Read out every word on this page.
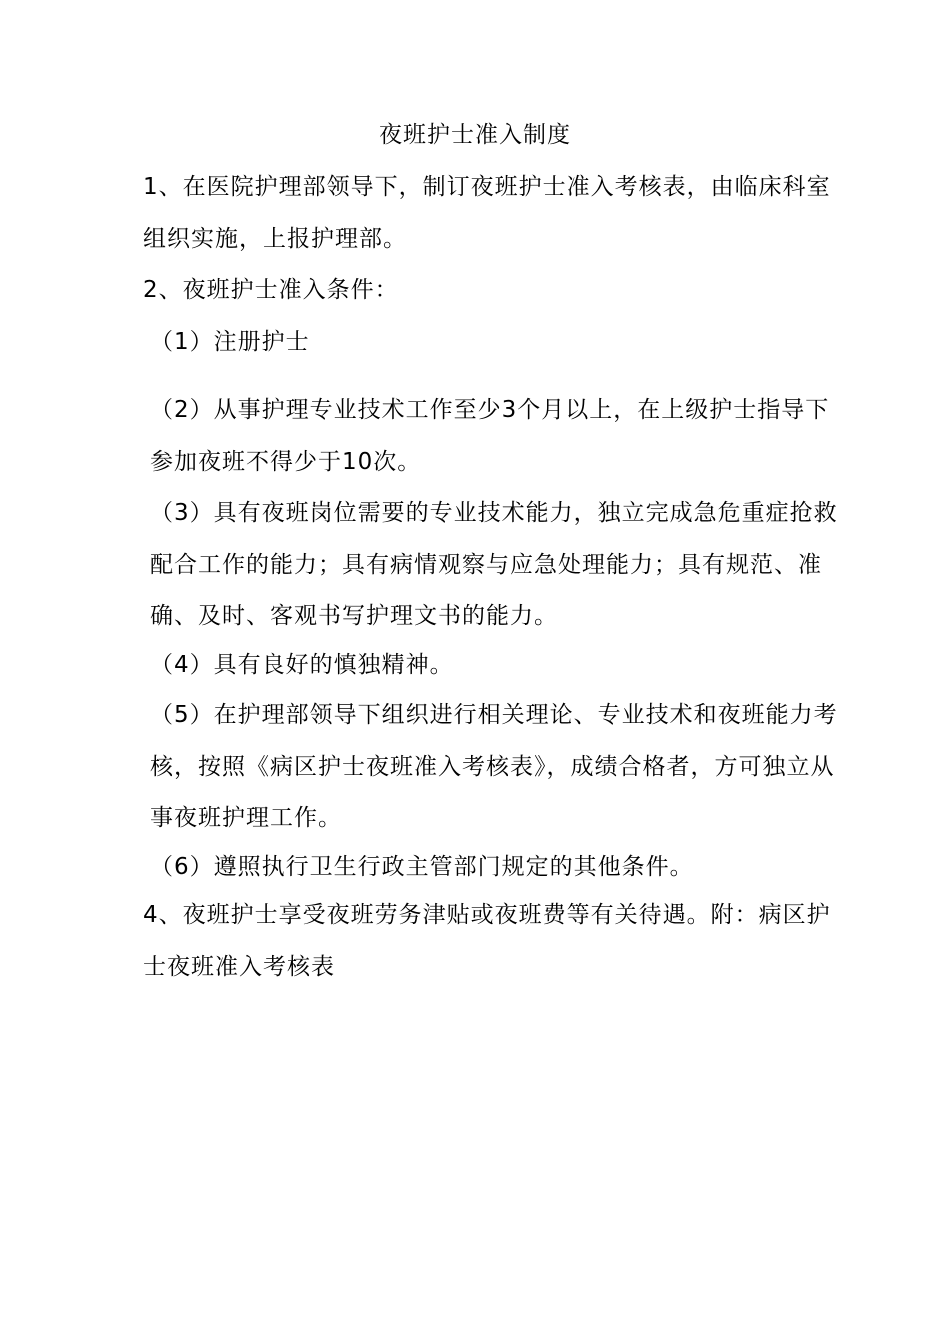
夜班护士准入制度

1、在医院护理部领导下，制订夜班护士准入考核表，由临床科室组织实施，上报护理部。

2、夜班护士准入条件：

（1）注册护士

（2）从事护理专业技术工作至少3个月以上，在上级护士指导下参加夜班不得少于10次。

（3）具有夜班岗位需要的专业技术能力，独立完成急危重症抢救配合工作的能力；具有病情观察与应急处理能力；具有规范、准确、及时、客观书写护理文书的能力。

（4）具有良好的慎独精神。

（5）在护理部领导下组织进行相关理论、专业技术和夜班能力考核，按照《病区护士夜班准入考核表》，成绩合格者，方可独立从事夜班护理工作。

（6）遵照执行卫生行政主管部门规定的其他条件。

4、夜班护士享受夜班劳务津贴或夜班费等有关待遇。附：病区护士夜班准入考核表
